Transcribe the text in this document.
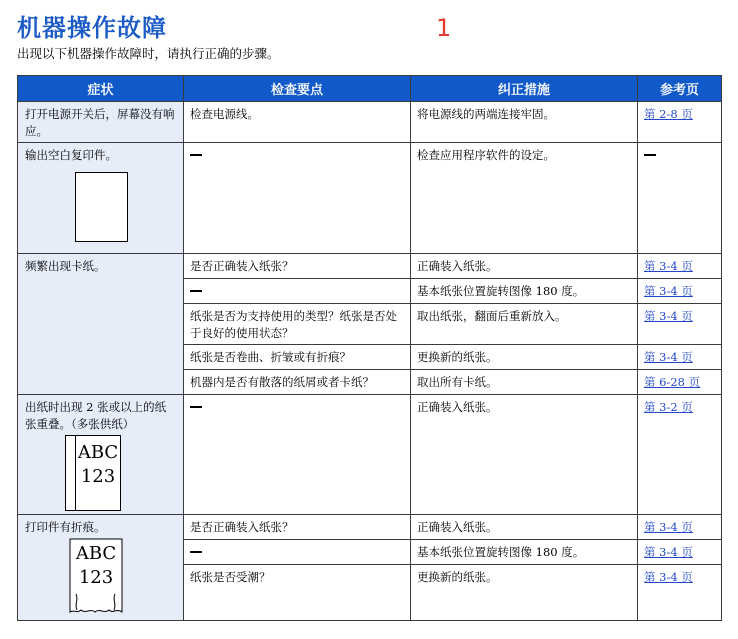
机器操作故障	1
出现以下机器操作故障时，请执行正确的步骤。
症状	检查要点	纠正措施	参考页
打开电源开关后，屏幕没有响应。	检查电源线。	将电源线的两端连接牢固。	第 2-8 页

输出空白复印件。		检查应用程序软件的设定。	
频繁出现卡纸。	是否正确装入纸张？	正确装入纸张。	第 3-4 页
		基本纸张位置旋转图像 180 度。	第 3-4 页
	纸张是否为支持使用的类型？纸张是否处于良好的使用状态？	取出纸张，翻面后重新放入。	第 3-4 页
	纸张是否卷曲、折皱或有折痕？	更换新的纸张。	第 3-4 页
	机器内是否有散落的纸屑或者卡纸？	取出所有卡纸。	第 6-28 页

出纸时出现 2 张或以上的纸张重叠。（多张供纸）
ABC
123		正确装入纸张。	第 3-2 页

打印件有折痕。
ABC
123	是否正确装入纸张？	正确装入纸张。	第 3-4 页
		基本纸张位置旋转图像 180 度。	第 3-4 页
	纸张是否受潮？	更换新的纸张。	第 3-4 页
